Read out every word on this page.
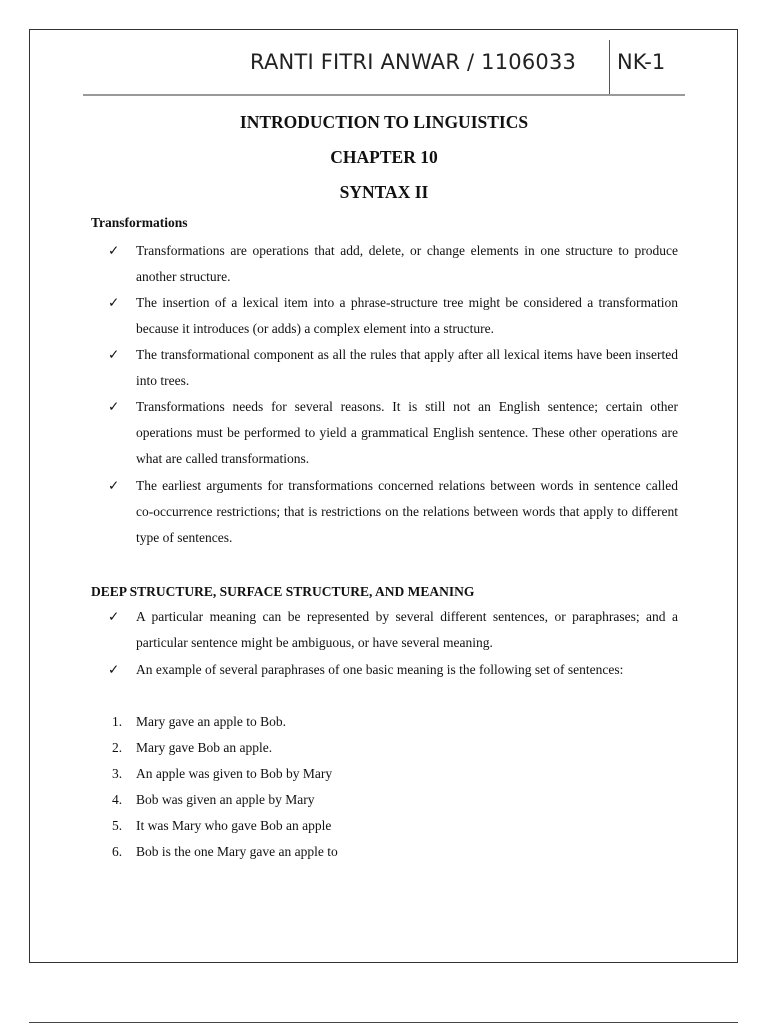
RANTI FITRI ANWAR / 1106033 NK-1
INTRODUCTION TO LINGUISTICS
CHAPTER 10
SYNTAX II
Transformations
✓	Transformations are operations that add, delete, or change elements in one structure to produce another structure.
✓	The insertion of a lexical item into a phrase-structure tree might be considered a transformation because it introduces (or adds) a complex element into a structure.
✓	The transformational component as all the rules that apply after all lexical items have been inserted into trees.
✓	Transformations needs for several reasons. It is still not an English sentence; certain other operations must be performed to yield a grammatical English sentence. These other operations are what are called transformations.
✓	The earliest arguments for transformations concerned relations between words in sentence called co-occurrence restrictions; that is restrictions on the relations between words that apply to different type of sentences.
DEEP STRUCTURE, SURFACE STRUCTURE, AND MEANING
✓	A particular meaning can be represented by several different sentences, or paraphrases; and a particular sentence might be ambiguous, or have several meaning.
✓	An example of several paraphrases of one basic meaning is the following set of sentences:
1. Mary gave an apple to Bob.
2. Mary gave Bob an apple.
3. An apple was given to Bob by Mary
4. Bob was given an apple by Mary
5. It was Mary who gave Bob an apple
6. Bob is the one Mary gave an apple to
